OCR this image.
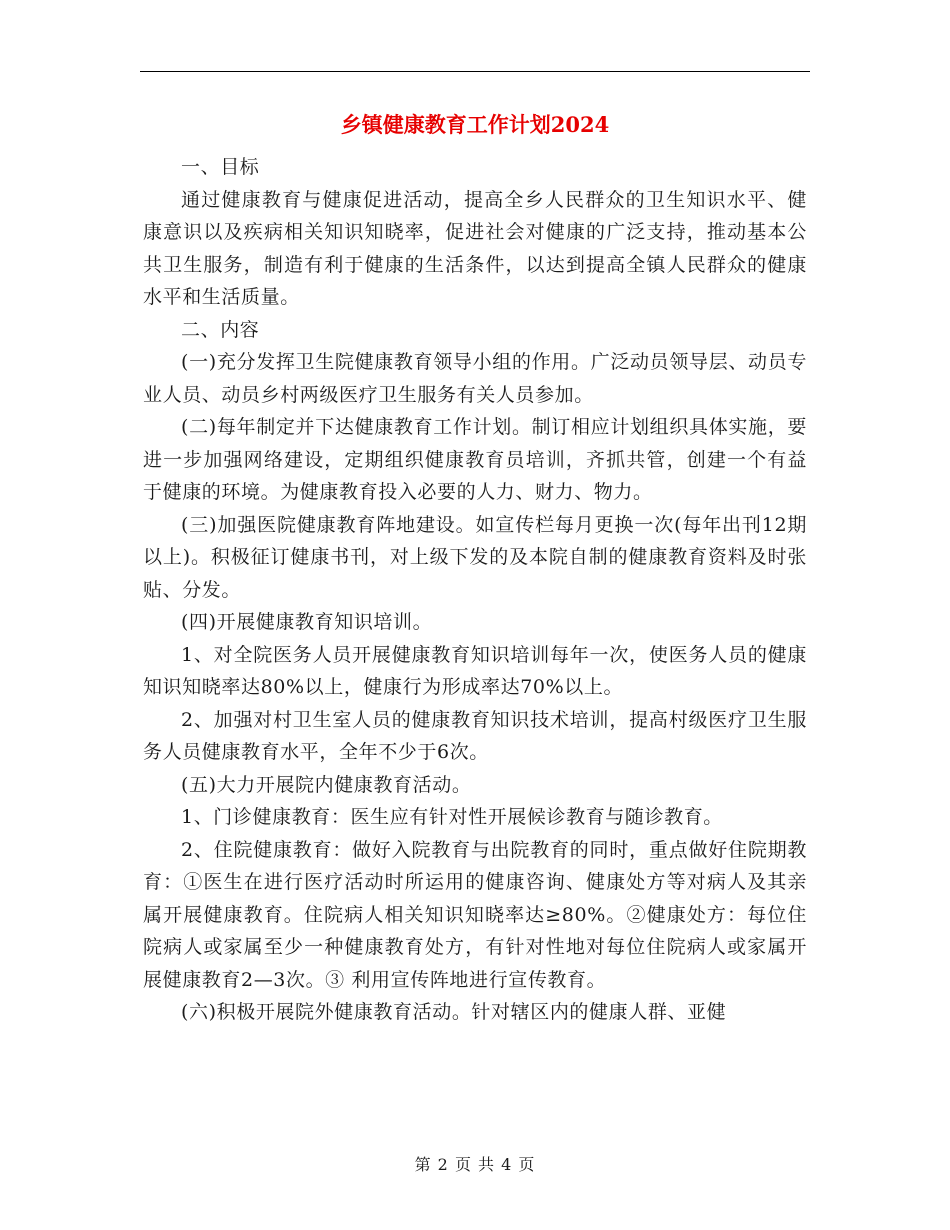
乡镇健康教育工作计划2024

一、目标

通过健康教育与健康促进活动，提高全乡人民群众的卫生知识水平、健康意识以及疾病相关知识知晓率，促进社会对健康的广泛支持，推动基本公共卫生服务，制造有利于健康的生活条件，以达到提高全镇人民群众的健康水平和生活质量。

二、内容

(一)充分发挥卫生院健康教育领导小组的作用。广泛动员领导层、动员专业人员、动员乡村两级医疗卫生服务有关人员参加。

(二)每年制定并下达健康教育工作计划。制订相应计划组织具体实施，要进一步加强网络建设，定期组织健康教育员培训，齐抓共管，创建一个有益于健康的环境。为健康教育投入必要的人力、财力、物力。

(三)加强医院健康教育阵地建设。如宣传栏每月更换一次(每年出刊12期以上)。积极征订健康书刊，对上级下发的及本院自制的健康教育资料及时张贴、分发。

(四)开展健康教育知识培训。

1、对全院医务人员开展健康教育知识培训每年一次，使医务人员的健康知识知晓率达80%以上，健康行为形成率达70%以上。

2、加强对村卫生室人员的健康教育知识技术培训，提高村级医疗卫生服务人员健康教育水平，全年不少于6次。

(五)大力开展院内健康教育活动。

1、门诊健康教育：医生应有针对性开展候诊教育与随诊教育。

2、住院健康教育：做好入院教育与出院教育的同时，重点做好住院期教育：①医生在进行医疗活动时所运用的健康咨询、健康处方等对病人及其亲属开展健康教育。住院病人相关知识知晓率达≥80%。②健康处方：每位住院病人或家属至少一种健康教育处方，有针对性地对每位住院病人或家属开展健康教育2—3次。③ 利用宣传阵地进行宣传教育。

(六)积极开展院外健康教育活动。针对辖区内的健康人群、亚健

第 2 页 共 4 页
